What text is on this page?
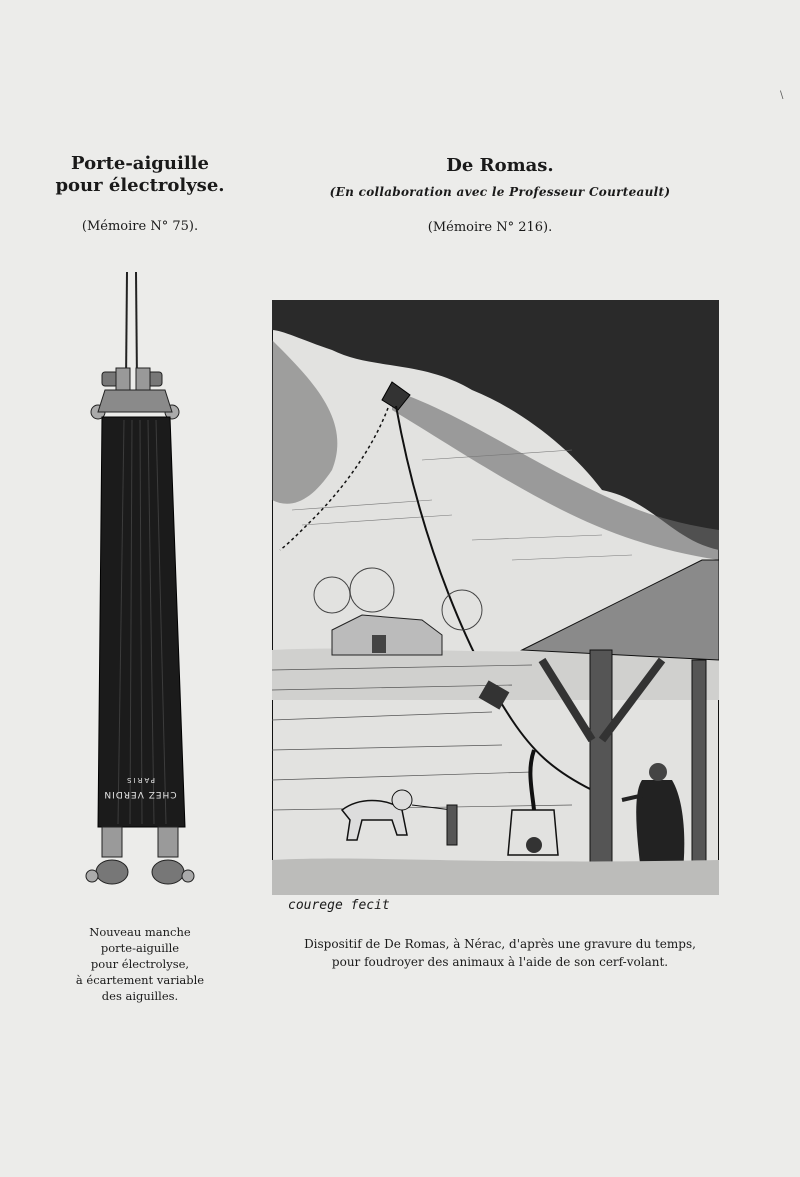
\
Porte-aiguille
pour électrolyse.
(Mémoire N° 75).
CHEZ VERDIN
PARIS
Nouveau manche
porte-aiguille
pour électrolyse,
à écartement variable
des aiguilles.
De Romas.
(En collaboration avec le Professeur Courteault)
(Mémoire N° 216).
courege fecit
Dispositif de De Romas, à Nérac, d'après une gravure du temps,
pour foudroyer des animaux à l'aide de son cerf-volant.
